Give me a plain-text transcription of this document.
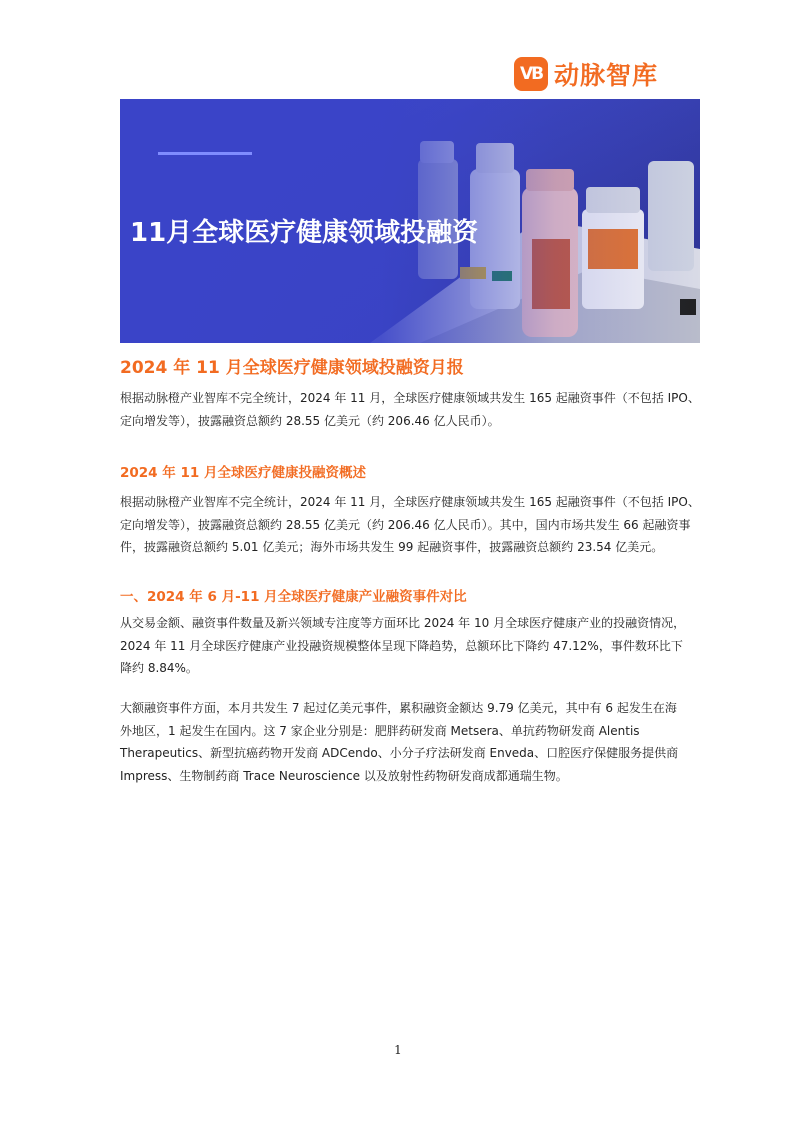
VB 动脉智库
11月全球医疗健康领域投融资
2024 年 11 月全球医疗健康领域投融资月报
根据动脉橙产业智库不完全统计，2024 年 11 月，全球医疗健康领域共发生 165 起融资事件（不包括 IPO、
定向增发等），披露融资总额约 28.55 亿美元（约 206.46 亿人民币）。
2024 年 11 月全球医疗健康投融资概述
根据动脉橙产业智库不完全统计，2024 年 11 月，全球医疗健康领域共发生 165 起融资事件（不包括 IPO、
定向增发等），披露融资总额约 28.55 亿美元（约 206.46 亿人民币）。其中，国内市场共发生 66 起融资事
件，披露融资总额约 5.01 亿美元；海外市场共发生 99 起融资事件，披露融资总额约 23.54 亿美元。
一、2024 年 6 月-11 月全球医疗健康产业融资事件对比
从交易金额、融资事件数量及新兴领域专注度等方面环比 2024 年 10 月全球医疗健康产业的投融资情况，
2024 年 11 月全球医疗健康产业投融资规模整体呈现下降趋势，总额环比下降约 47.12%，事件数环比下
降约 8.84%。
大额融资事件方面，本月共发生 7 起过亿美元事件，累积融资金额达 9.79 亿美元，其中有 6 起发生在海
外地区，1 起发生在国内。这 7 家企业分别是：肥胖药研发商 Metsera、单抗药物研发商 Alentis
Therapeutics、新型抗癌药物开发商 ADCendo、小分子疗法研发商 Enveda、口腔医疗保健服务提供商
Impress、生物制药商 Trace Neuroscience 以及放射性药物研发商成都通瑞生物。
1
